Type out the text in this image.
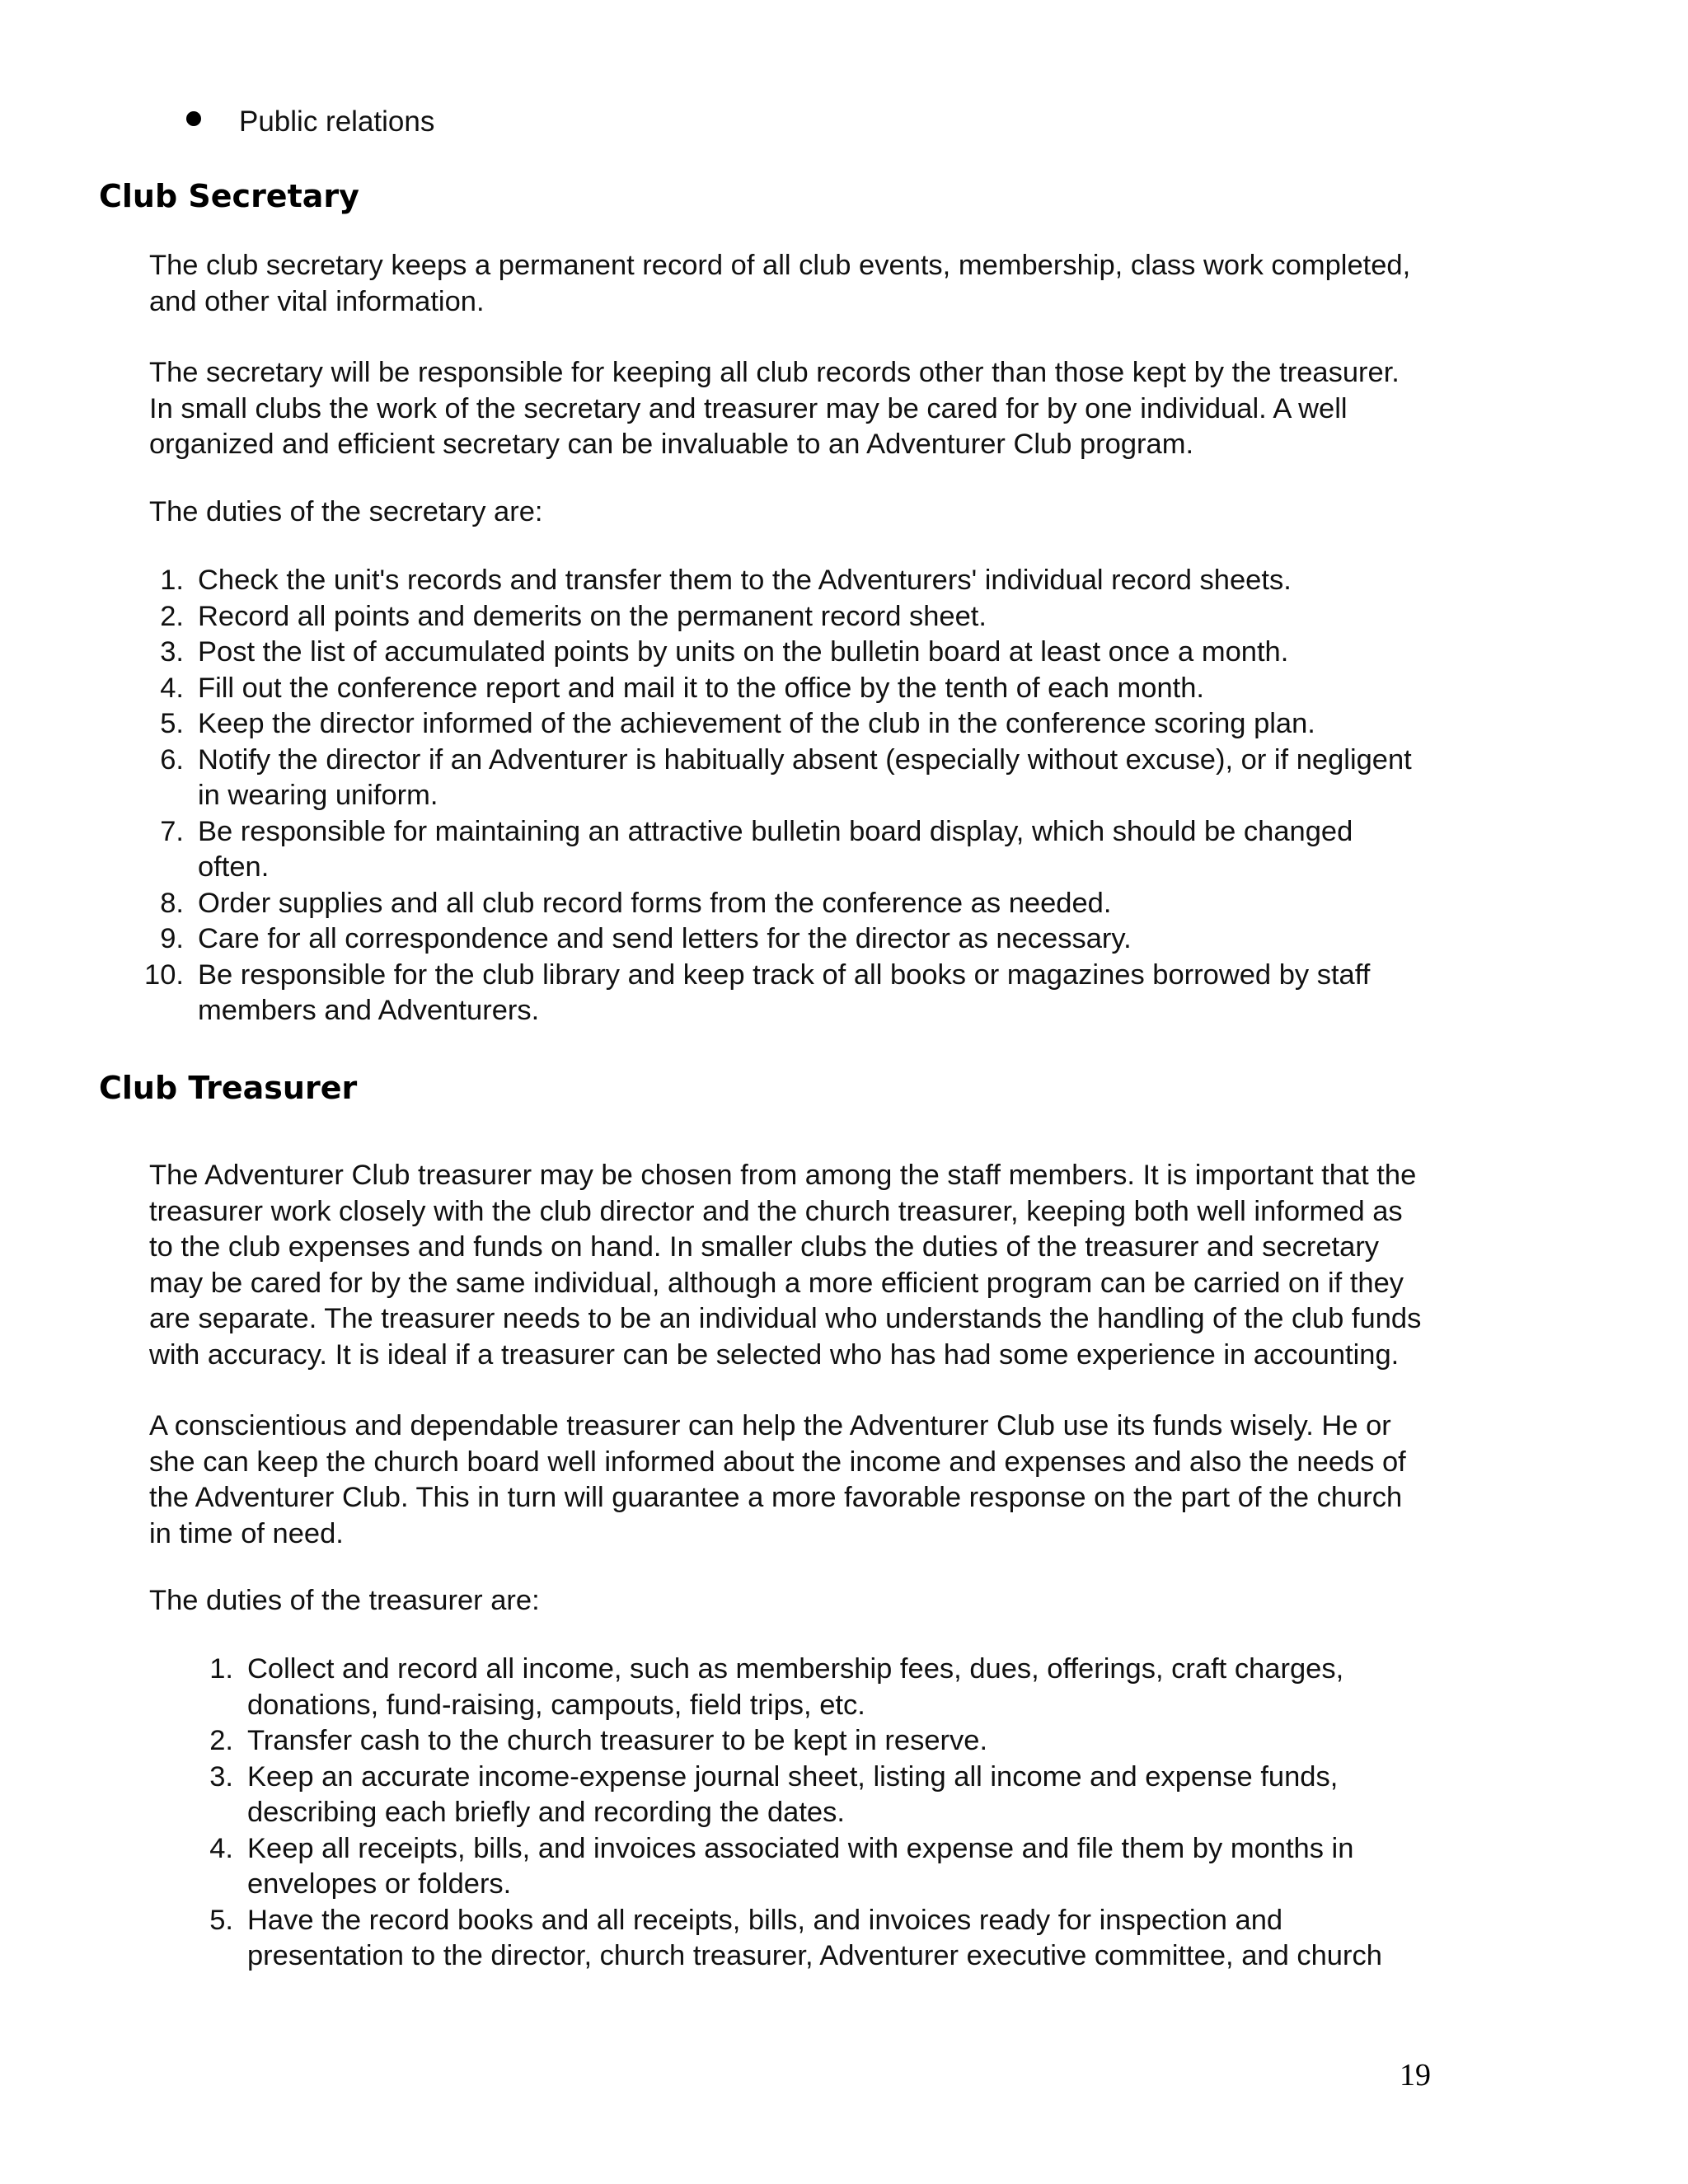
Public relations
Club Secretary

The club secretary keeps a permanent record of all club events, membership, class work completed,
and other vital information.

The secretary will be responsible for keeping all club records other than those kept by the treasurer.
In small clubs the work of the secretary and treasurer may be cared for by one individual. A well
organized and efficient secretary can be invaluable to an Adventurer Club program.

The duties of the secretary are:

1. Check the unit's records and transfer them to the Adventurers' individual record sheets.
2. Record all points and demerits on the permanent record sheet.
3. Post the list of accumulated points by units on the bulletin board at least once a month.
4. Fill out the conference report and mail it to the office by the tenth of each month.
5. Keep the director informed of the achievement of the club in the conference scoring plan.
6. Notify the director if an Adventurer is habitually absent (especially without excuse), or if negligent
in wearing uniform.
7. Be responsible for maintaining an attractive bulletin board display, which should be changed
often.
8. Order supplies and all club record forms from the conference as needed.
9. Care for all correspondence and send letters for the director as necessary.
10. Be responsible for the club library and keep track of all books or magazines borrowed by staff
members and Adventurers.
Club Treasurer

The Adventurer Club treasurer may be chosen from among the staff members. It is important that the
treasurer work closely with the club director and the church treasurer, keeping both well informed as
to the club expenses and funds on hand. In smaller clubs the duties of the treasurer and secretary
may be cared for by the same individual, although a more efficient program can be carried on if they
are separate. The treasurer needs to be an individual who understands the handling of the club funds
with accuracy. It is ideal if a treasurer can be selected who has had some experience in accounting.

A conscientious and dependable treasurer can help the Adventurer Club use its funds wisely. He or
she can keep the church board well informed about the income and expenses and also the needs of
the Adventurer Club. This in turn will guarantee a more favorable response on the part of the church
in time of need.

The duties of the treasurer are:

1. Collect and record all income, such as membership fees, dues, offerings, craft charges,
donations, fund-raising, campouts, field trips, etc.
2. Transfer cash to the church treasurer to be kept in reserve.
3. Keep an accurate income-expense journal sheet, listing all income and expense funds,
describing each briefly and recording the dates.
4. Keep all receipts, bills, and invoices associated with expense and file them by months in
envelopes or folders.
5. Have the record books and all receipts, bills, and invoices ready for inspection and
presentation to the director, church treasurer, Adventurer executive committee, and church
19
